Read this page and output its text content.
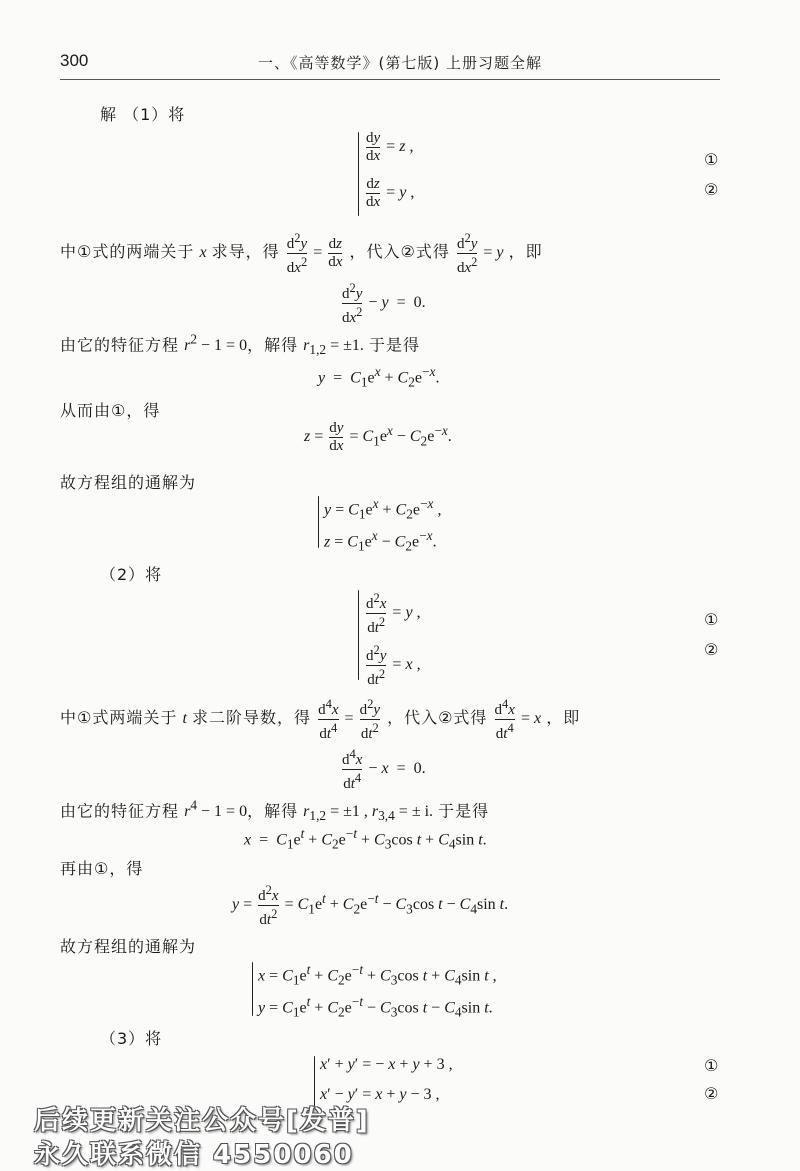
300	一、《高等数学》(第七版) 上册习题全解
解 （1）将
$\frac{dy}{dx} = z$ ,
$\frac{dz}{dx} = y$ ,
①
②
中①式的两端关于 x 求导，得 $\frac{d^2y}{dx^2} = \frac{dz}{dx}$ ，代入②式得 $\frac{d^2y}{dx^2} = y$ ，即
$\frac{d^2y}{dx^2} - y = 0$.
由它的特征方程 $r^2 - 1 = 0$，解得 $r_{1,2} = \pm 1$. 于是得
$y = C_1e^x + C_2e^{-x}$.
从而由①，得
$z = \frac{dy}{dx} = C_1e^x - C_2e^{-x}$.
故方程组的通解为
$y = C_1e^x + C_2e^{-x}$ ,
$z = C_1e^x - C_2e^{-x}$.
（2）将
$\frac{d^2x}{dt^2} = y$ ,
$\frac{d^2y}{dt^2} = x$ ,
①
②
中①式两端关于 t 求二阶导数，得 $\frac{d^4x}{dt^4} = \frac{d^2y}{dt^2}$ ，代入②式得 $\frac{d^4x}{dt^4} = x$ ，即
$\frac{d^4x}{dt^4} - x = 0$.
由它的特征方程 $r^4 - 1 = 0$，解得 $r_{1,2} = \pm 1$ , $r_{3,4}$ = ± i. 于是得
$x = C_1e^t + C_2e^{-t} + C_3\cos$ $t + C_4\sin$ t.
再由①，得
$y = \frac{d^2x}{dt^2} = C_1e^t + C_2e^{-t} - C_3\cos$ $t - C_4\sin$ t.
故方程组的通解为
$x = C_1e^t + C_2e^{-t} + C_3\cos$ $t + C_4\sin$ t ,
$y = C_1e^t + C_2e^{-t} - C_3\cos$ $t - C_4\sin$ t.
（3）将
x′ + y′ = − x + y + 3 ,
x′ − y′ = x + y − 3 ,
①
②
后续更新关注公众号[发普]
永久联系微信 4550060
